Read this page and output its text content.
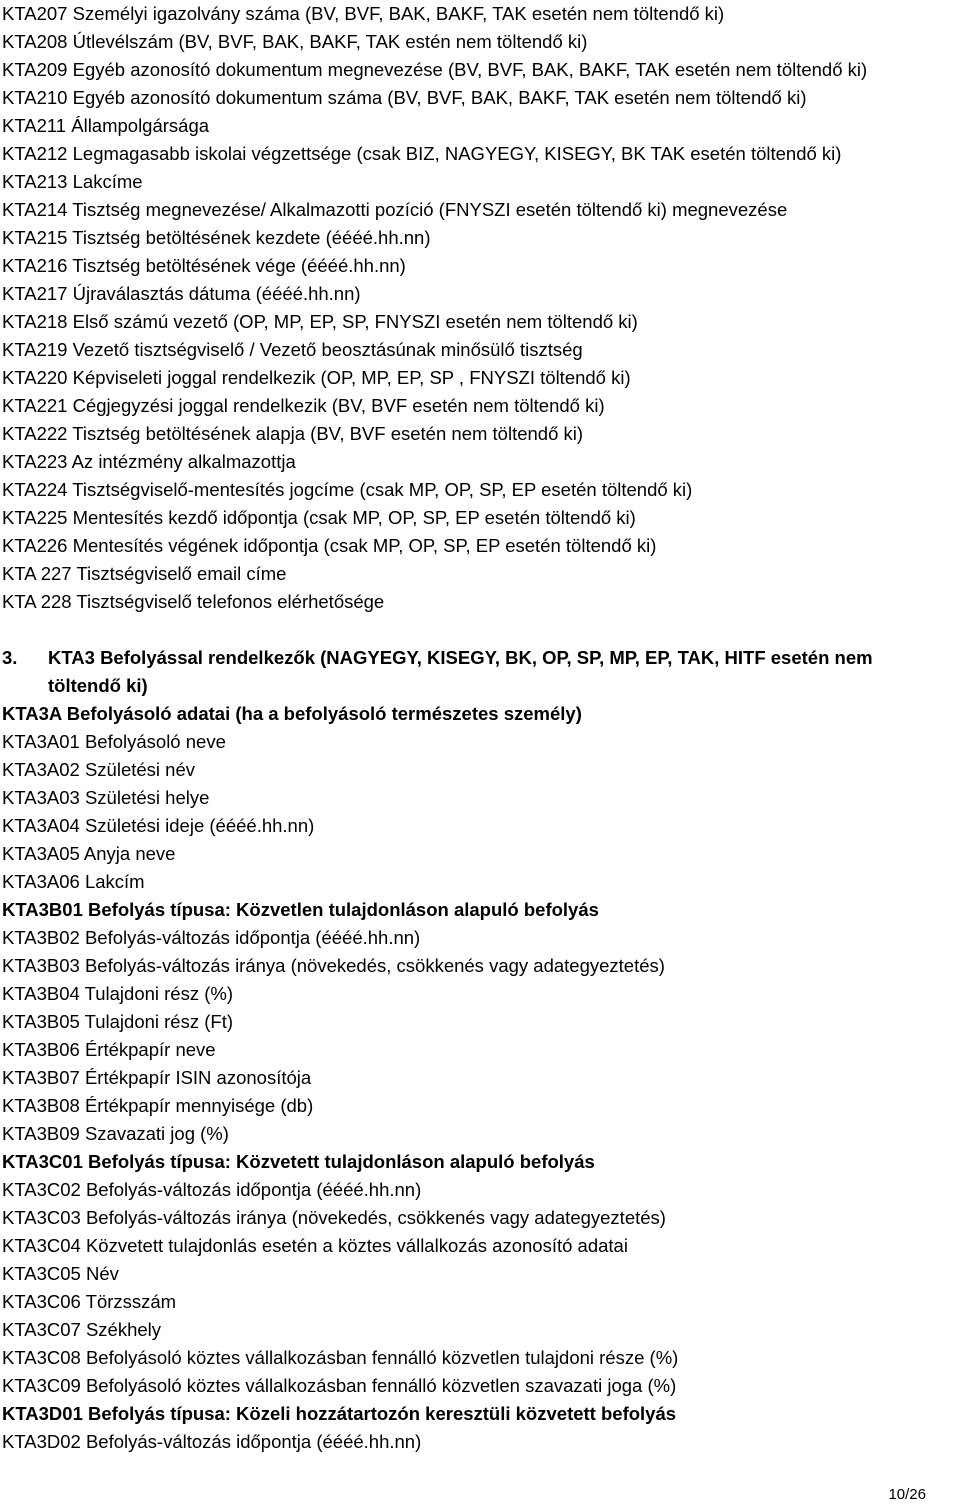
KTA207 Személyi igazolvány száma (BV, BVF, BAK, BAKF, TAK esetén nem töltendő ki)
KTA208 Útlevélszám (BV, BVF, BAK, BAKF, TAK estén nem töltendő ki)
KTA209 Egyéb azonosító dokumentum megnevezése (BV, BVF, BAK, BAKF, TAK esetén nem töltendő ki)
KTA210 Egyéb azonosító dokumentum száma (BV, BVF, BAK, BAKF, TAK esetén nem töltendő ki)
KTA211 Állampolgársága
KTA212 Legmagasabb iskolai végzettsége (csak BIZ, NAGYEGY, KISEGY, BK TAK esetén töltendő ki)
KTA213 Lakcíme
KTA214 Tisztség megnevezése/ Alkalmazotti pozíció (FNYSZI esetén töltendő ki) megnevezése
KTA215 Tisztség betöltésének kezdete (éééé.hh.nn)
KTA216 Tisztség betöltésének vége (éééé.hh.nn)
KTA217 Újraválasztás dátuma (éééé.hh.nn)
KTA218 Első számú vezető (OP, MP, EP, SP, FNYSZI esetén nem töltendő ki)
KTA219 Vezető tisztségviselő / Vezető beosztásúnak minősülő tisztség
KTA220 Képviseleti joggal rendelkezik (OP, MP, EP, SP , FNYSZI töltendő ki)
KTA221 Cégjegyzési joggal rendelkezik (BV, BVF esetén nem töltendő ki)
KTA222 Tisztség betöltésének alapja (BV, BVF esetén nem töltendő ki)
KTA223 Az intézmény alkalmazottja
KTA224 Tisztségviselő-mentesítés jogcíme (csak MP, OP, SP, EP esetén töltendő ki)
KTA225 Mentesítés kezdő időpontja (csak MP, OP, SP, EP esetén töltendő ki)
KTA226 Mentesítés végének időpontja (csak MP, OP, SP, EP esetén töltendő ki)
KTA 227 Tisztségviselő email címe
KTA 228 Tisztségviselő telefonos elérhetősége
3. KTA3 Befolyással rendelkezők (NAGYEGY, KISEGY, BK, OP, SP, MP, EP, TAK, HITF esetén nem töltendő ki)
KTA3A Befolyásoló adatai (ha a befolyásoló természetes személy)
KTA3A01 Befolyásoló neve
KTA3A02 Születési név
KTA3A03 Születési helye
KTA3A04 Születési ideje (éééé.hh.nn)
KTA3A05 Anyja neve
KTA3A06 Lakcím
KTA3B01 Befolyás típusa: Közvetlen tulajdonláson alapuló befolyás
KTA3B02 Befolyás-változás időpontja (éééé.hh.nn)
KTA3B03 Befolyás-változás iránya (növekedés, csökkenés vagy adategyeztetés)
KTA3B04 Tulajdoni rész (%)
KTA3B05 Tulajdoni rész (Ft)
KTA3B06 Értékpapír neve
KTA3B07 Értékpapír ISIN azonosítója
KTA3B08 Értékpapír mennyisége (db)
KTA3B09 Szavazati jog (%)
KTA3C01 Befolyás típusa: Közvetett tulajdonláson alapuló befolyás
KTA3C02 Befolyás-változás időpontja (éééé.hh.nn)
KTA3C03 Befolyás-változás iránya (növekedés, csökkenés vagy adategyeztetés)
KTA3C04 Közvetett tulajdonlás esetén a köztes vállalkozás azonosító adatai
KTA3C05 Név
KTA3C06 Törzsszám
KTA3C07 Székhely
KTA3C08 Befolyásoló köztes vállalkozásban fennálló közvetlen tulajdoni része (%)
KTA3C09 Befolyásoló köztes vállalkozásban fennálló közvetlen szavazati joga (%)
KTA3D01 Befolyás típusa: Közeli hozzátartozón keresztüli közvetett befolyás
KTA3D02 Befolyás-változás időpontja (éééé.hh.nn)
10/26
